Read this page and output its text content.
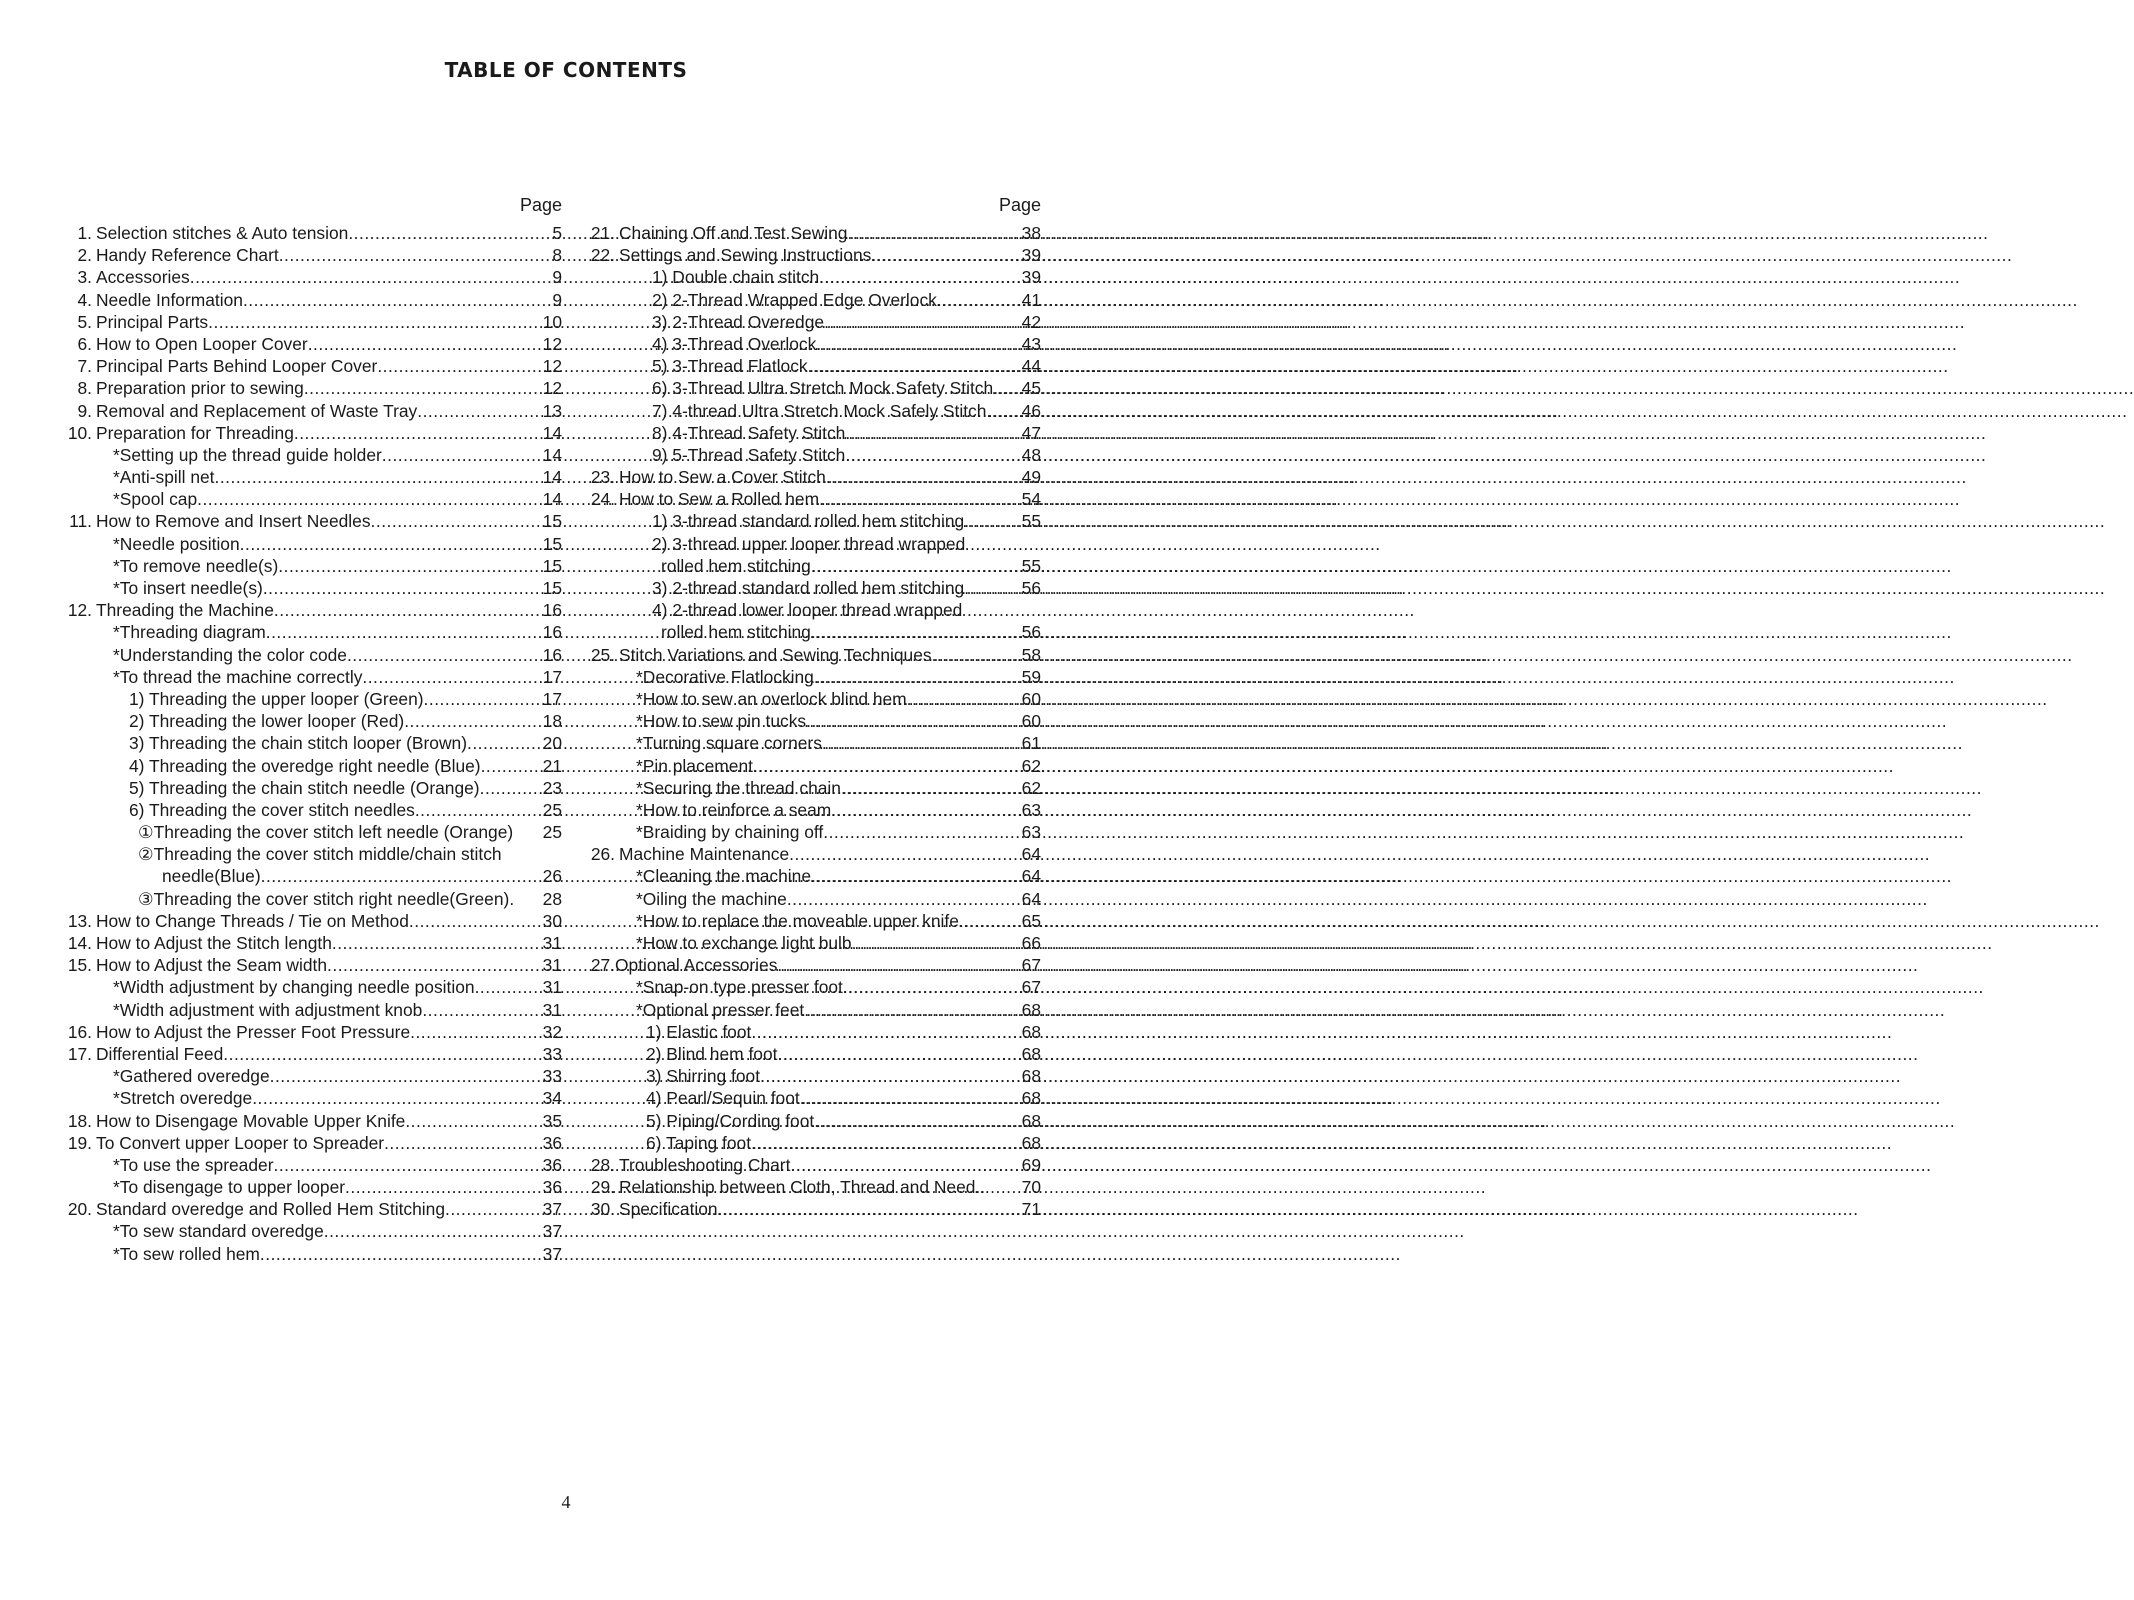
TABLE OF CONTENTS
Page
1. Selection stitches & Auto tension .....	5
2. Handy Reference Chart .....	8
3. Accessories .....	9
4. Needle Information .....	9
5. Principal Parts .....	10
6. How to Open Looper Cover .....	12
7. Principal Parts Behind Looper Cover .....	12
8. Preparation prior to sewing .....	12
9. Removal and Replacement of Waste Tray .....	13
10. Preparation for Threading .....	14
*Setting up the thread guide holder .....	14
*Anti-spill net .....	14
*Spool cap .....	14
11. How to Remove and Insert Needles .....	15
*Needle position .....	15
*To remove needle(s) .....	15
*To insert needle(s) .....	15
12. Threading the Machine .....	16
*Threading diagram .....	16
*Understanding the color code .....	16
*To thread the machine correctly .....	17
1) Threading the upper looper (Green) .....	17
2) Threading the lower looper (Red) .....	18
3) Threading the chain stitch looper (Brown) .....	20
4) Threading the overedge right needle (Blue) .....	21
5) Threading the chain stitch needle (Orange) .....	23
6) Threading the cover stitch needles .....	25
①Threading the cover stitch left needle (Orange) 25
②Threading the cover stitch middle/chain stitch
needle(Blue) .....	26
③Threading the cover stitch right needle(Green). 28
13. How to Change Threads / Tie on Method .....	30
14. How to Adjust the Stitch length .....	31
15. How to Adjust the Seam width .....	31
*Width adjustment by changing needle position .....	31
*Width adjustment with adjustment knob .....	31
16. How to Adjust the Presser Foot Pressure .....	32
17. Differential Feed .....	33
*Gathered overedge .....	33
*Stretch overedge .....	34
18. How to Disengage Movable Upper Knife .....	35
19. To Convert upper Looper to Spreader .....	36
*To use the spreader .....	36
*To disengage to upper looper .....	36
20. Standard overedge and Rolled Hem Stitching .....	37
*To sew standard overedge .....	37
*To sew rolled hem .....	37
Page
21. Chaining Off and Test Sewing .....	38
22. Settings and Sewing Instructions .....	39
1) Double chain stitch .....	39
2) 2-Thread Wrapped Edge Overlock .....	41
3) 2-Thread Overedge .....	42
4) 3-Thread Overlock .....	43
5) 3-Thread Flatlock .....	44
6) 3-Thread Ultra Stretch Mock Safety Stitch ..... 45
7) 4-thread Ultra Stretch Mock Safely Stitch ..... 46
8) 4-Thread Safety Stitch .....	47
9) 5-Thread Safety Stitch .....	48
23. How to Sew a Cover Stitch .....	49
24. How to Sew a Rolled hem .....	54
1) 3-thread standard rolled hem stitching .....	55
2) 3-thread upper looper thread wrapped
rolled hem stitching .....	55
3) 2-thread standard rolled hem stitching .....	56
4) 2-thread lower looper thread wrapped
rolled hem stitching .....	56
25. Stitch Variations and Sewing Techniques .....	58
*Decorative Flatlocking .....	59
*How to sew an overlock blind hem .....	60
*How to sew pin tucks .....	60
*Turning square corners .....	61
*Pin placement .....	62
*Securing the thread chain .....	62
*How to reinforce a seam .....	63
*Braiding by chaining off .....	63
26. Machine Maintenance .....	64
*Cleaning the machine .....	64
*Oiling the machine .....	64
*How to replace the moveable upper knife .....	65
*How to exchange light bulb .....	66
27. Optional Accessories .....	67
*Snap-on type presser foot .....	67
*Optional presser feet .....	68
1) Elastic foot .....	68
2) Blind hem foot .....	68
3) Shirring foot .....	68
4) Pearl/Sequin foot .....	68
5) Piping/Cording foot .....	68
6) Taping foot .....	68
28. Troubleshooting Chart .....	69
29. Relationship between Cloth, Thread and Need.. 70
30. Specification .....	71
4
